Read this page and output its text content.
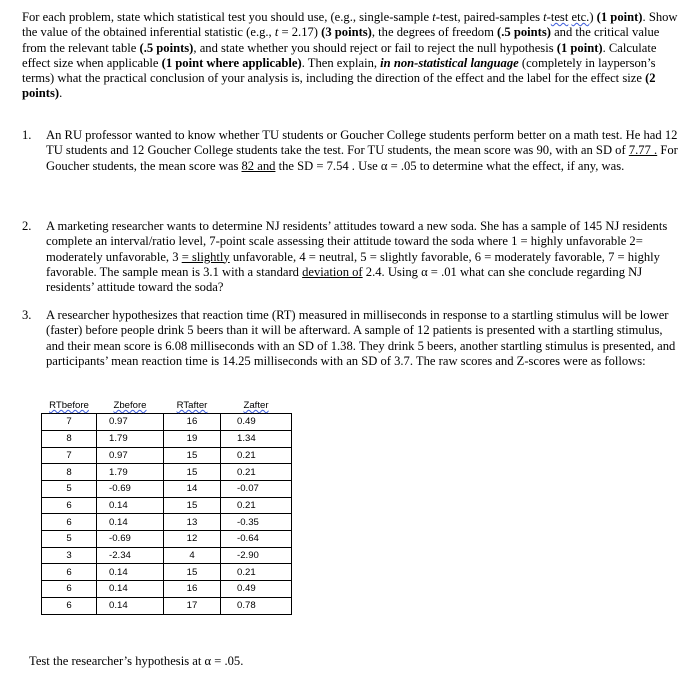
For each problem, state which statistical test you should use, (e.g., single-sample t-test, paired-samples t-test etc.) (1 point). Show the value of the obtained inferential statistic (e.g., t = 2.17) (3 points), the degrees of freedom (.5 points) and the critical value from the relevant table (.5 points), and state whether you should reject or fail to reject the null hypothesis (1 point). Calculate effect size when applicable (1 point where applicable). Then explain, in non-statistical language (completely in layperson’s terms) what the practical conclusion of your analysis is, including the direction of the effect and the label for the effect size (2 points).
1.	An RU professor wanted to know whether TU students or Goucher College students perform better on a math test. He had 12 TU students and 12 Goucher College students take the test. For TU students, the mean score was 90, with an SD of 7.77 . For Goucher students, the mean score was 82 and the SD = 7.54 . Use α = .05 to determine what the effect, if any, was.
2.	A marketing researcher wants to determine NJ residents’ attitudes toward a new soda. She has a sample of 145 NJ residents complete an interval/ratio level, 7-point scale assessing their attitude toward the soda where 1 = highly unfavorable 2= moderately unfavorable, 3 = slightly unfavorable, 4 = neutral, 5 = slightly favorable, 6 = moderately favorable, 7 = highly favorable. The sample mean is 3.1 with a standard deviation of 2.4. Using α = .01 what can she conclude regarding NJ residents’ attitude toward the soda?
3.	A researcher hypothesizes that reaction time (RT) measured in milliseconds in response to a startling stimulus will be lower (faster) before people drink 5 beers than it will be afterward. A sample of 12 patients is presented with a startling stimulus, and their mean score is 6.08 milliseconds with an SD of 1.38. They drink 5 beers, another startling stimulus is presented, and participants’ mean reaction time is 14.25 milliseconds with an SD of 3.7. The raw scores and Z-scores were as follows:
RTbefore	Zbefore	RTafter	Zafter
7	0.97	16	0.49
8	1.79	19	1.34
7	0.97	15	0.21
8	1.79	15	0.21
5	-0.69	14	-0.07
6	0.14	15	0.21
6	0.14	13	-0.35
5	-0.69	12	-0.64
3	-2.34	4	-2.90
6	0.14	15	0.21
6	0.14	16	0.49
6	0.14	17	0.78
Test the researcher’s hypothesis at α = .05.
